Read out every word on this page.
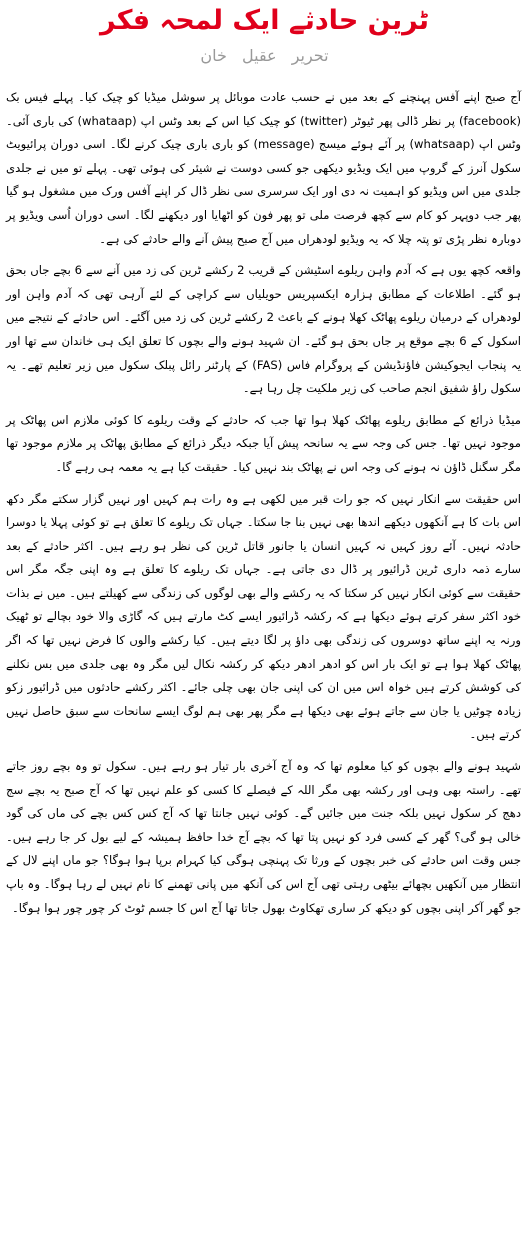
ٹرین حادثے ایک لمحہ فکر
تحریر عقیل خان

آج صبح اپنے آفس پہنچنے کے بعد میں نے حسب عادت موبائل پر سوشل میڈیا کو چیک کیا۔ پہلے فیس بک (facebook) پر نظر ڈالی پھر ٹیوٹر (twitter) کو چیک کیا اس کے بعد وٹس اپ (whataap) کی باری آئی۔ وٹس اپ (whatsaap) پر آئے ہوئے میسج (message) کو باری باری چیک کرنے لگا۔ اسی دوران پرائیویٹ سکول آنرز کے گروپ میں ایک ویڈیو دیکھی جو کسی دوست نے شیئر کی ہوئی تھی۔ پہلے تو میں نے جلدی جلدی میں اس ویڈیو کو اہمیت نہ دی اور ایک سرسری سی نظر ڈال کر اپنے آفس ورک میں مشغول ہو گیا پھر جب دوپہر کو کام سے کچھ فرصت ملی تو پھر فون کو اٹھایا اور دیکھنے لگا۔ اسی دوران اُسی ویڈیو پر دوبارہ نظر پڑی تو پتہ چلا کہ یہ ویڈیو لودھراں میں آج صبح پیش آنے والے حادثے کی ہے۔

واقعہ کچھ یوں ہے کہ آدم واہن ریلوے اسٹیشن کے قریب 2 رکشے ٹرین کی زد میں آنے سے 6 بچے جاں بحق ہو گئے۔ اطلاعات کے مطابق ہزارہ ایکسپریس حویلیاں سے کراچی کے لئے آرہی تھی کہ آدم واہن اور لودھراں کے درمیان ریلوے پھاٹک کھلا ہونے کے باعث 2 رکشے ٹرین کی زد میں آگئے۔ اس حادثے کے نتیجے میں اسکول کے 6 بچے موقع پر جاں بحق ہو گئے۔ ان شہید ہونے والے بچوں کا تعلق ایک ہی خاندان سے تھا اور یہ پنجاب ایجوکیشن فاؤنڈیشن کے پروگرام فاس (FAS) کے پارٹنر رائل پبلک سکول میں زیر تعلیم تھے۔ یہ سکول راؤ شفیق انجم صاحب کی زیر ملکیت چل رہا ہے۔

میڈیا ذرائع کے مطابق ریلوے پھاٹک کھلا ہوا تھا جب کہ حادثے کے وقت ریلوے کا کوئی ملازم اس پھاٹک پر موجود نہیں تھا۔ جس کی وجہ سے یہ سانحہ پیش آیا جبکہ دیگر ذرائع کے مطابق پھاٹک پر ملازم موجود تھا مگر سگنل ڈاؤن نہ ہونے کی وجہ اس نے پھاٹک بند نہیں کیا۔ حقیقت کیا ہے یہ معمہ ہی رہے گا۔

اس حقیقت سے انکار نہیں کہ جو رات قبر میں لکھی ہے وہ رات ہم کہیں اور نہیں گزار سکتے مگر دکھ اس بات کا ہے آنکھوں دیکھے اندھا بھی نہیں بنا جا سکتا۔ جہاں تک ریلوے کا تعلق ہے تو کوئی پہلا یا دوسرا حادثہ نہیں۔ آئے روز کہیں نہ کہیں انسان یا جانور قاتل ٹرین کی نظر ہو رہے ہیں۔ اکثر حادثے کے بعد سارے ذمہ داری ٹرین ڈرائیور پر ڈال دی جاتی ہے۔ جہاں تک ریلوے کا تعلق ہے وہ اپنی جگہ مگر اس حقیقت سے کوئی انکار نہیں کر سکتا کہ یہ رکشے والے بھی لوگوں کی زندگی سے کھیلتے ہیں۔ میں نے بذات خود اکثر سفر کرتے ہوئے دیکھا ہے کہ رکشہ ڈرائیور ایسے کٹ مارتے ہیں کہ گاڑی والا خود بچالے تو ٹھیک ورنہ یہ اپنے ساتھ دوسروں کی زندگی بھی داؤ پر لگا دیتے ہیں۔ کیا رکشے والوں کا فرض نہیں تھا کہ اگر پھاٹک کھلا ہوا ہے تو ایک بار اس کو ادھر ادھر دیکھ کر رکشہ نکال لیں مگر وہ بھی جلدی میں بس نکلنے کی کوشش کرتے ہیں خواہ اس میں ان کی اپنی جان بھی چلی جائے۔ اکثر رکشے حادثوں میں ڈرائیور زکو زیادہ چوٹیں یا جان سے جاتے ہوئے بھی دیکھا ہے مگر پھر بھی ہم لوگ ایسے سانحات سے سبق حاصل نہیں کرتے ہیں۔

شہید ہونے والے بچوں کو کیا معلوم تھا کہ وہ آج آخری بار تیار ہو رہے ہیں۔ سکول تو وہ بچے روز جاتے تھے۔ راستہ بھی وہی اور رکشہ بھی مگر اللہ کے فیصلے کا کسی کو علم نہیں تھا کہ آج صبح یہ بچے سج دھج کر سکول نہیں بلکہ جنت میں جائیں گے۔ کوئی نہیں جانتا تھا کہ آج کس کس بچے کی ماں کی گود خالی ہو گی؟ گھر کے کسی فرد کو نہیں پتا تھا کہ بچے آج خدا حافظ ہمیشہ کے لیے بول کر جا رہے ہیں۔ جس وقت اس حادثے کی خبر بچوں کے ورثا تک پہنچی ہوگی کیا کہرام برپا ہوا ہوگا؟ جو ماں اپنے لال کے انتظار میں آنکھیں بچھائے بیٹھی رہتی تھی آج اس کی آنکھ میں پانی تھمنے کا نام نہیں لے رہا ہوگا۔ وہ باپ جو گھر آکر اپنی بچوں کو دیکھ کر ساری تھکاوٹ بھول جاتا تھا آج اس کا جسم ٹوٹ کر چور چور ہوا ہوگا۔
